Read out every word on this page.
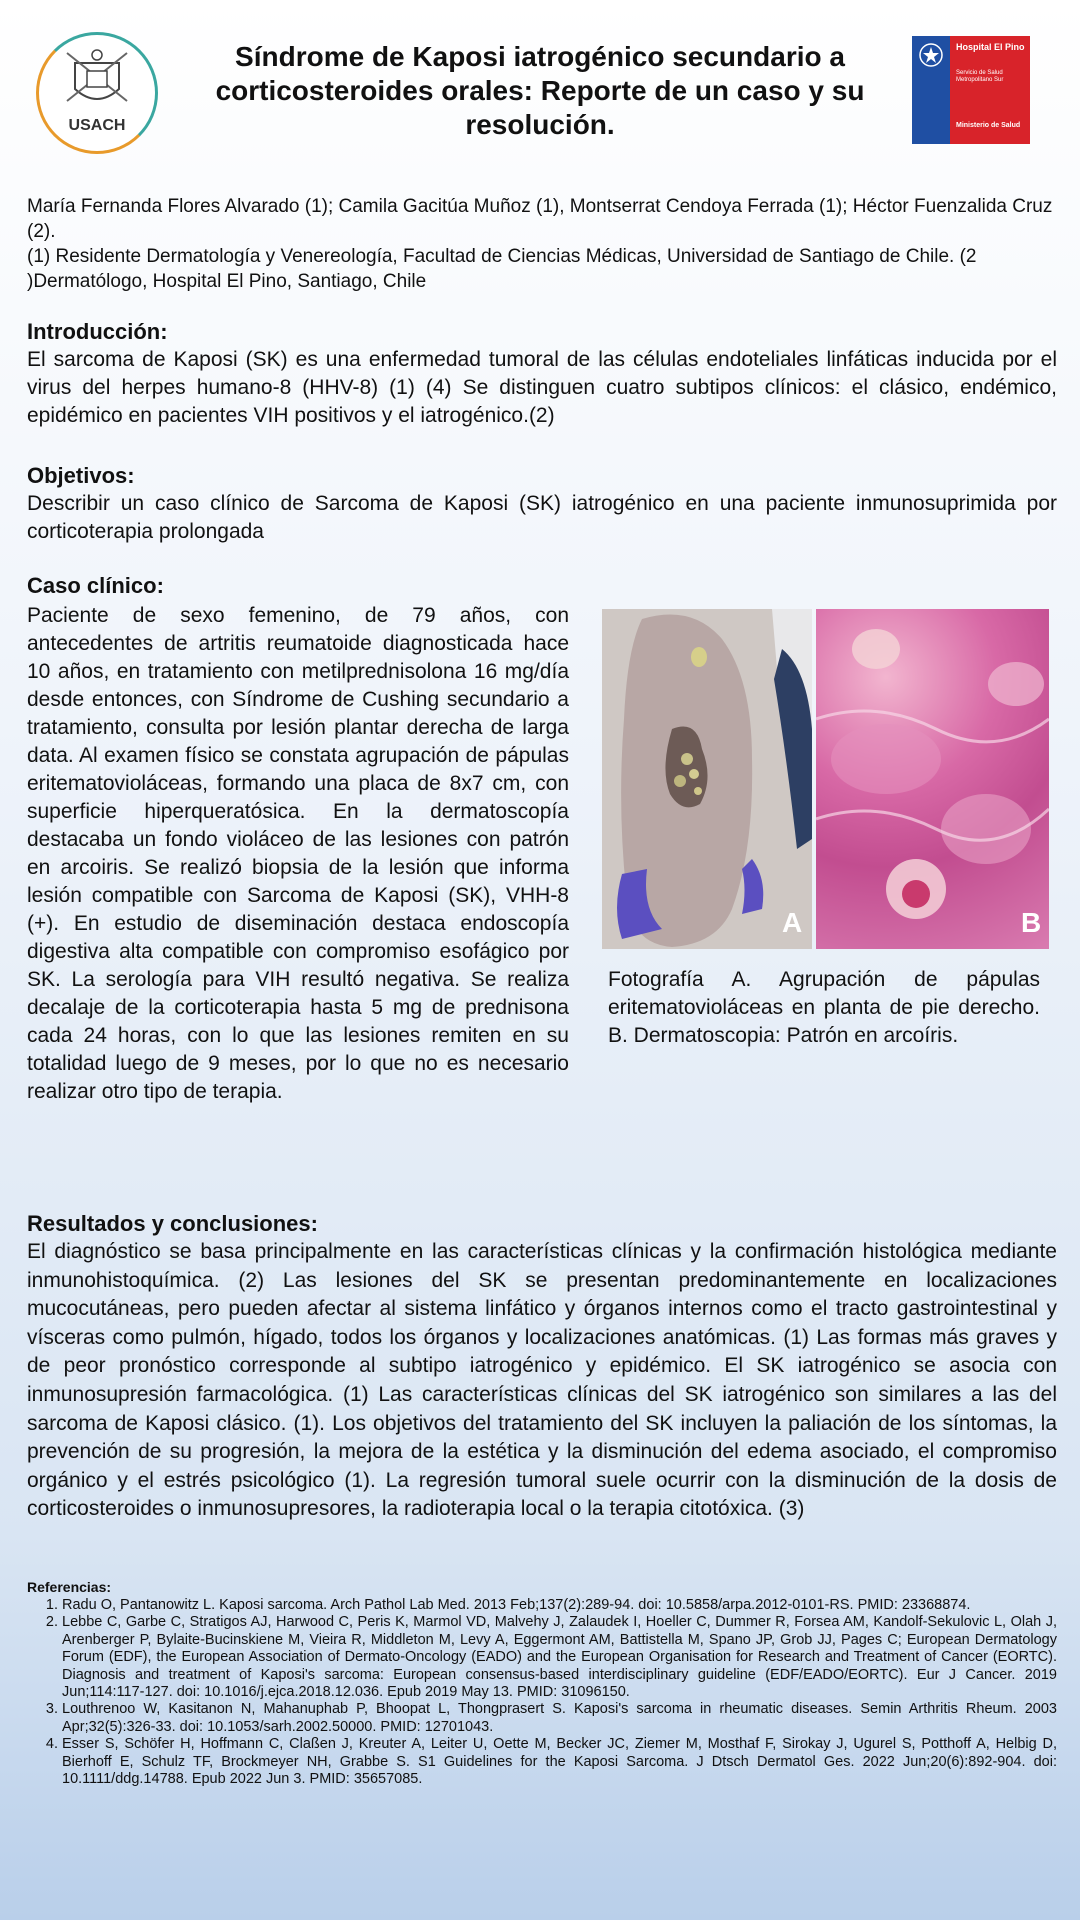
USACH
Síndrome de Kaposi iatrogénico secundario a corticosteroides orales: Reporte de un caso y su resolución.
Hospital El Pino
Servicio de Salud Metropolitano Sur
Ministerio de Salud

María Fernanda Flores Alvarado (1); Camila Gacitúa Muñoz (1), Montserrat Cendoya Ferrada (1); Héctor Fuenzalida Cruz (2).

(1) Residente Dermatología y Venereología, Facultad de Ciencias Médicas, Universidad de Santiago de Chile. (2 )Dermatólogo, Hospital El Pino, Santiago, Chile

Introducción:

El sarcoma de Kaposi (SK) es una enfermedad tumoral de las células endoteliales linfáticas inducida por el virus del herpes humano-8 (HHV-8) (1) (4) Se distinguen cuatro subtipos clínicos: el clásico, endémico, epidémico en pacientes VIH positivos y el iatrogénico.(2)

Objetivos:

Describir un caso clínico de Sarcoma de Kaposi (SK) iatrogénico en una paciente inmunosuprimida por corticoterapia prolongada

Caso clínico:

Paciente de sexo femenino, de 79 años, con antecedentes de artritis reumatoide diagnosticada hace 10 años, en tratamiento con metilprednisolona 16 mg/día desde entonces, con Síndrome de Cushing secundario a tratamiento, consulta por lesión plantar derecha de larga data. Al examen físico se constata agrupación de pápulas eritematovioláceas, formando una placa de 8x7 cm, con superficie hiperqueratósica. En la dermatoscopía destacaba un fondo violáceo de las lesiones con patrón en arcoiris. Se realizó biopsia de la lesión que informa lesión compatible con Sarcoma de Kaposi (SK), VHH-8 (+). En estudio de diseminación destaca endoscopía digestiva alta compatible con compromiso esofágico por SK. La serología para VIH resultó negativa. Se realiza decalaje de la corticoterapia hasta 5 mg de prednisona cada 24 horas, con lo que las lesiones remiten en su totalidad luego de 9 meses, por lo que no es necesario realizar otro tipo de terapia.

A	B

Fotografía A. Agrupación de pápulas eritematovioláceas en planta de pie derecho. B. Dermatoscopia: Patrón en arcoíris.

Resultados y conclusiones:

El diagnóstico se basa principalmente en las características clínicas y la confirmación histológica mediante inmunohistoquímica. (2) Las lesiones del SK se presentan predominantemente en localizaciones mucocutáneas, pero pueden afectar al sistema linfático y órganos internos como el tracto gastrointestinal y vísceras como pulmón, hígado, todos los órganos y localizaciones anatómicas. (1) Las formas más graves y de peor pronóstico corresponde al subtipo iatrogénico y epidémico. El SK iatrogénico se asocia con inmunosupresión farmacológica. (1) Las características clínicas del SK iatrogénico son similares a las del sarcoma de Kaposi clásico. (1). Los objetivos del tratamiento del SK incluyen la paliación de los síntomas, la prevención de su progresión, la mejora de la estética y la disminución del edema asociado, el compromiso orgánico y el estrés psicológico (1). La regresión tumoral suele ocurrir con la disminución de la dosis de corticosteroides o inmunosupresores, la radioterapia local o la terapia citotóxica. (3)

Referencias:

1. Radu O, Pantanowitz L. Kaposi sarcoma. Arch Pathol Lab Med. 2013 Feb;137(2):289-94. doi: 10.5858/arpa.2012-0101-RS. PMID: 23368874.
2. Lebbe C, Garbe C, Stratigos AJ, Harwood C, Peris K, Marmol VD, Malvehy J, Zalaudek I, Hoeller C, Dummer R, Forsea AM, Kandolf-Sekulovic L, Olah J, Arenberger P, Bylaite-Bucinskiene M, Vieira R, Middleton M, Levy A, Eggermont AM, Battistella M, Spano JP, Grob JJ, Pages C; European Dermatology Forum (EDF), the European Association of Dermato-Oncology (EADO) and the European Organisation for Research and Treatment of Cancer (EORTC). Diagnosis and treatment of Kaposi's sarcoma: European consensus-based interdisciplinary guideline (EDF/EADO/EORTC). Eur J Cancer. 2019 Jun;114:117-127. doi: 10.1016/j.ejca.2018.12.036. Epub 2019 May 13. PMID: 31096150.
3. Louthrenoo W, Kasitanon N, Mahanuphab P, Bhoopat L, Thongprasert S. Kaposi's sarcoma in rheumatic diseases. Semin Arthritis Rheum. 2003 Apr;32(5):326-33. doi: 10.1053/sarh.2002.50000. PMID: 12701043.
4. Esser S, Schöfer H, Hoffmann C, Claßen J, Kreuter A, Leiter U, Oette M, Becker JC, Ziemer M, Mosthaf F, Sirokay J, Ugurel S, Potthoff A, Helbig D, Bierhoff E, Schulz TF, Brockmeyer NH, Grabbe S. S1 Guidelines for the Kaposi Sarcoma. J Dtsch Dermatol Ges. 2022 Jun;20(6):892-904. doi: 10.1111/ddg.14788. Epub 2022 Jun 3. PMID: 35657085.
